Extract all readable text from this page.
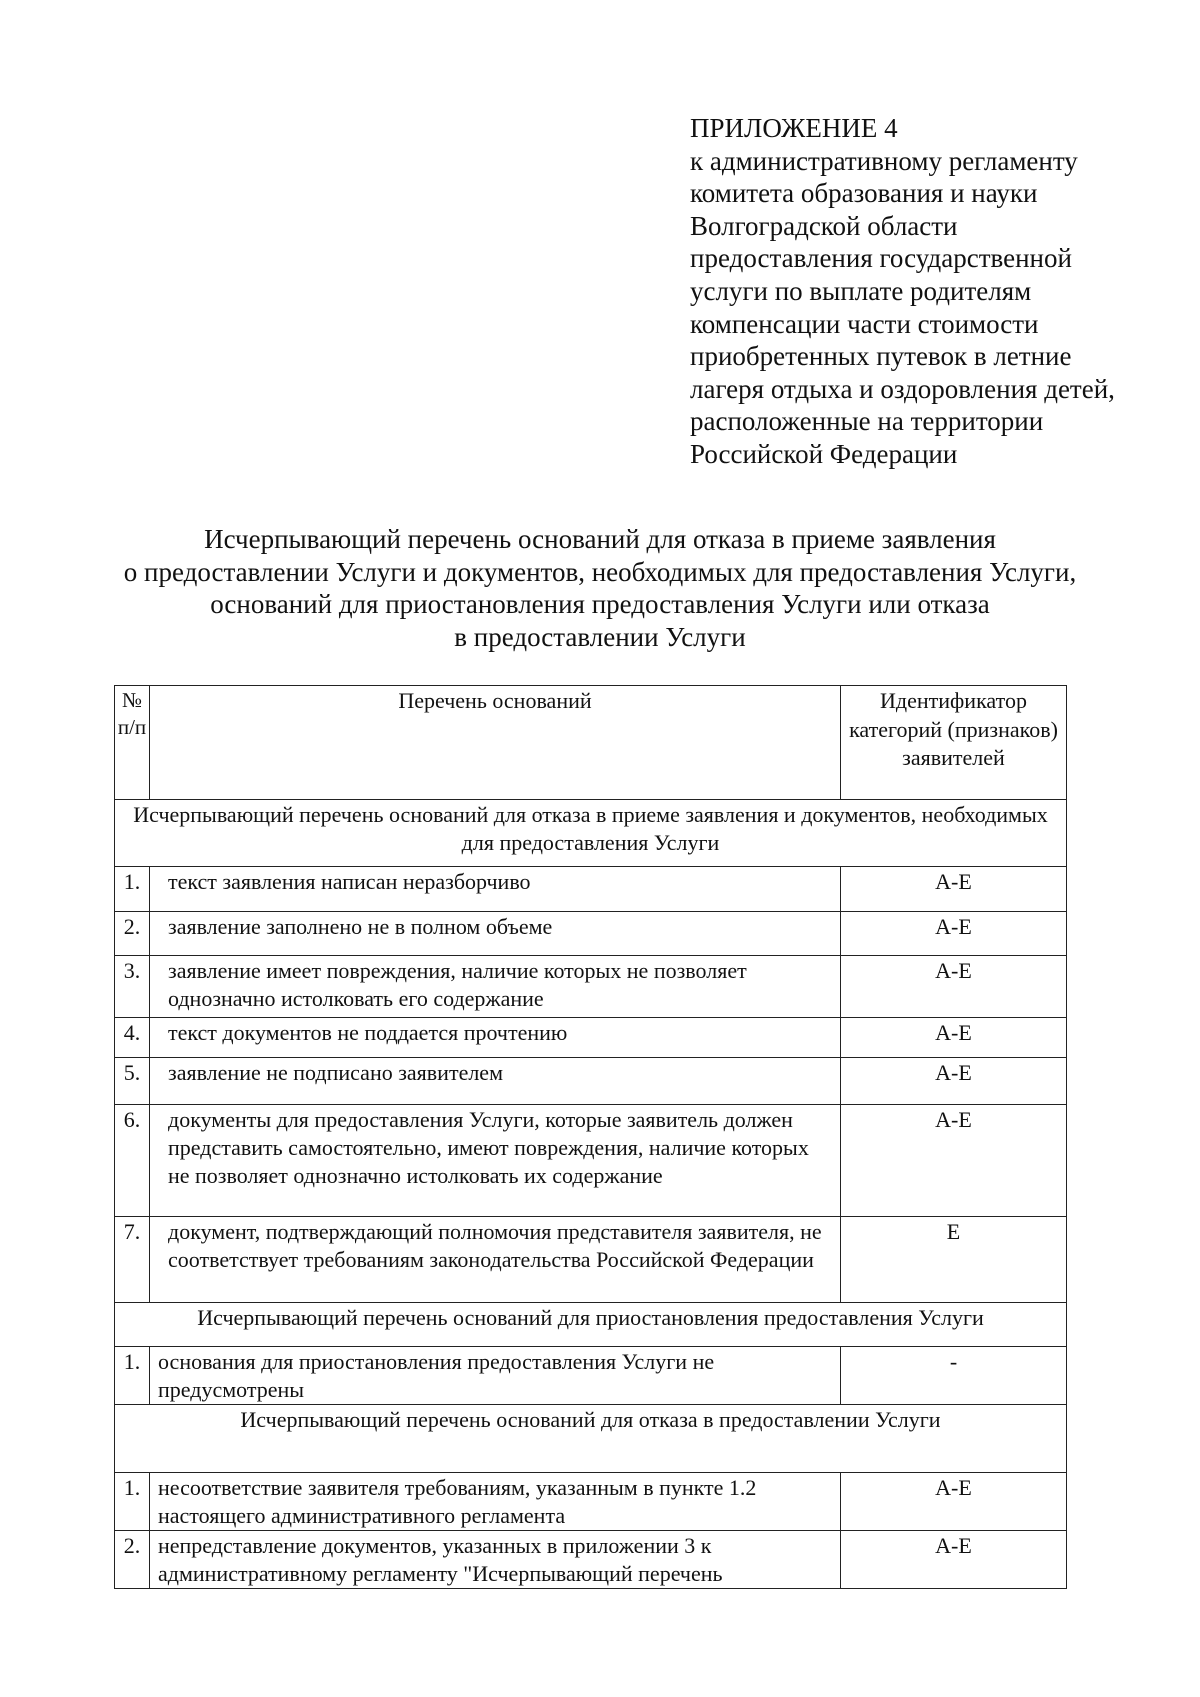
ПРИЛОЖЕНИЕ 4
к административному регламенту
комитета образования и науки
Волгоградской области
предоставления государственной
услуги по выплате родителям
компенсации части стоимости
приобретенных путевок в летние
лагеря отдыха и оздоровления детей,
расположенные на территории
Российской Федерации
Исчерпывающий перечень оснований для отказа в приеме заявления
о предоставлении Услуги и документов, необходимых для предоставления Услуги,
оснований для приостановления предоставления Услуги или отказа
в предоставлении Услуги
№ п/п	Перечень оснований	Идентификатор категорий (признаков) заявителей
Исчерпывающий перечень оснований для отказа в приеме заявления и документов, необходимых для предоставления Услуги		
1.	текст заявления написан неразборчиво	А-Е
2.	заявление заполнено не в полном объеме	А-Е
3.	заявление имеет повреждения, наличие которых не позволяет однозначно истолковать его содержание	А-Е
4.	текст документов не поддается прочтению	А-Е
5.	заявление не подписано заявителем	А-Е
6.	документы для предоставления Услуги, которые заявитель должен представить самостоятельно, имеют повреждения, наличие которых не позволяет однозначно истолковать их содержание	А-Е
7.	документ, подтверждающий полномочия представителя заявителя, не соответствует требованиям законодательства Российской Федерации	Е
Исчерпывающий перечень оснований для приостановления предоставления Услуги		
1.	основания для приостановления предоставления Услуги не предусмотрены	-
Исчерпывающий перечень оснований для отказа в предоставлении Услуги		
1.	несоответствие заявителя требованиям, указанным в пункте 1.2 настоящего административного регламента	А-Е
2.	непредставление документов, указанных в приложении 3 к административному регламенту "Исчерпывающий перечень	А-Е
